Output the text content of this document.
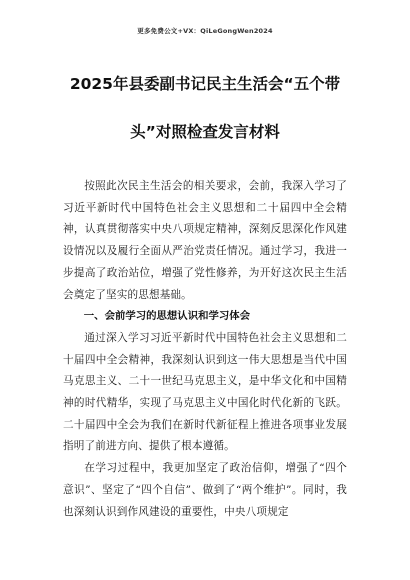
更多免费公文+VX：QiLeGongWen2024
2025年县委副书记民主生活会“五个带
头”对照检查发言材料

按照此次民主生活会的相关要求，会前，我深入学习了习近平新时代中国特色社会主义思想和二十届四中全会精神，认真贯彻落实中央八项规定精神，深刻反思深化作风建设情况以及履行全面从严治党责任情况。通过学习，我进一步提高了政治站位，增强了党性修养，为开好这次民主生活会奠定了坚实的思想基础。

一、会前学习的思想认识和学习体会

通过深入学习习近平新时代中国特色社会主义思想和二十届四中全会精神，我深刻认识到这一伟大思想是当代中国马克思主义、二十一世纪马克思主义，是中华文化和中国精神的时代精华，实现了马克思主义中国化时代化新的飞跃。二十届四中全会为我们在新时代新征程上推进各项事业发展指明了前进方向、提供了根本遵循。

在学习过程中，我更加坚定了政治信仰，增强了“四个意识”、坚定了“四个自信”、做到了“两个维护”。同时，我也深刻认识到作风建设的重要性，中央八项规定
